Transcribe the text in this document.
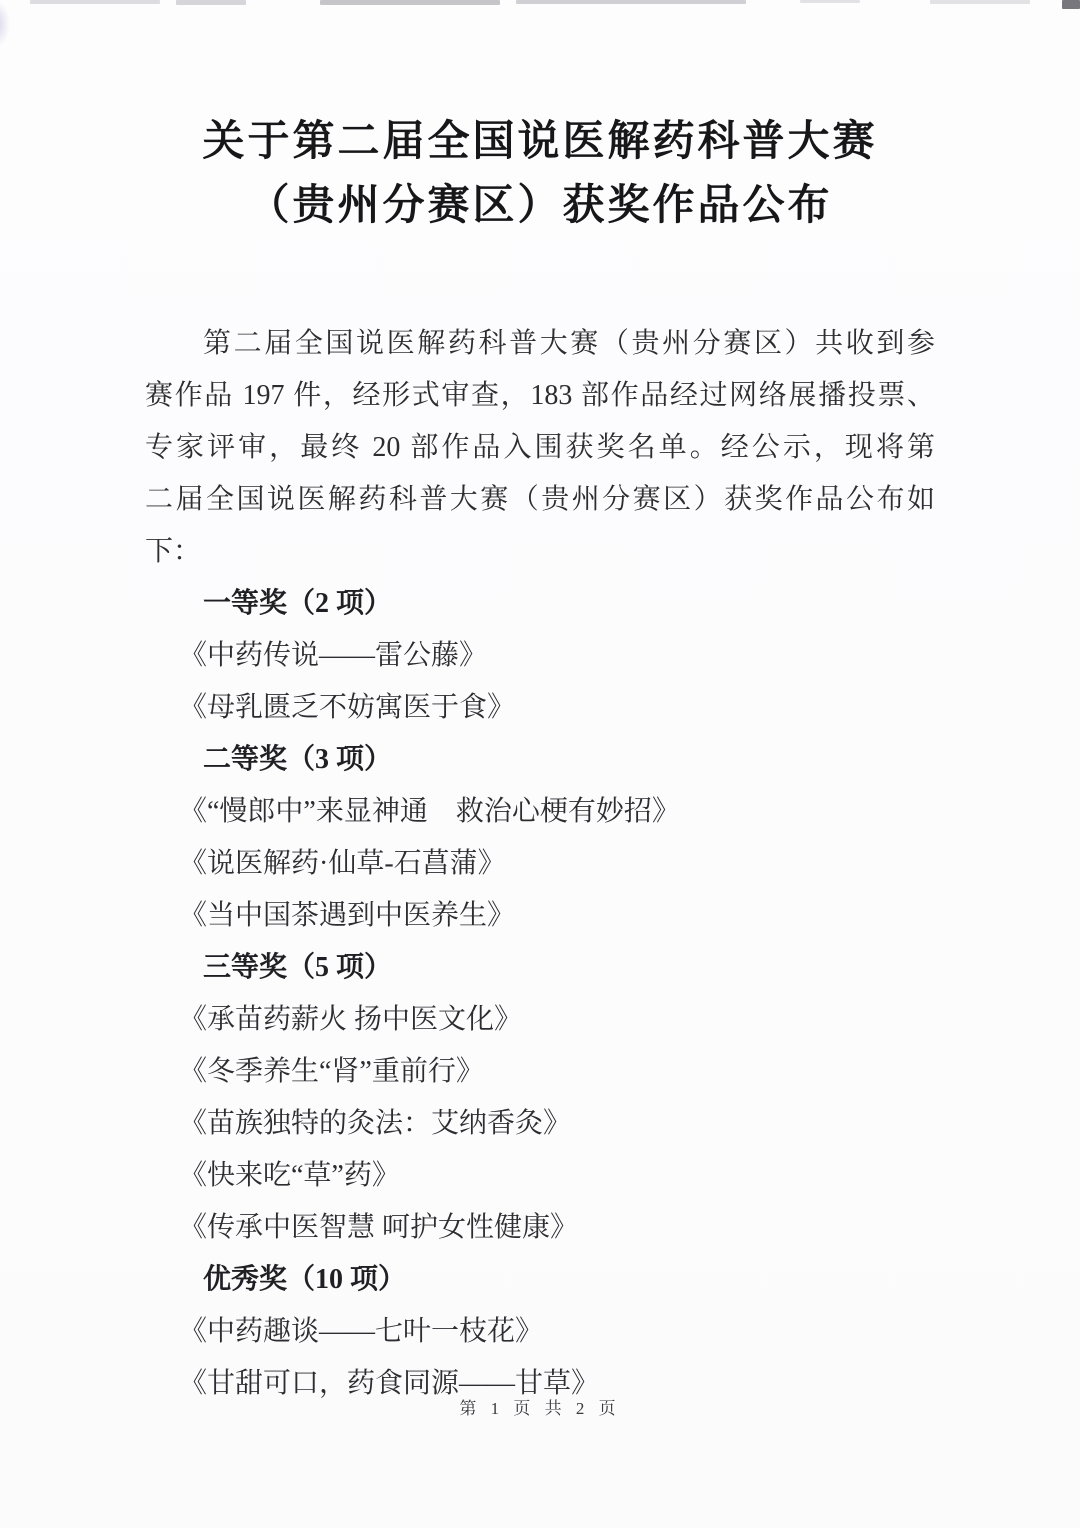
关于第二届全国说医解药科普大赛
（贵州分赛区）获奖作品公布

第二届全国说医解药科普大赛（贵州分赛区）共收到参

赛作品 197 件，经形式审查，183 部作品经过网络展播投票、

专家评审，最终 20 部作品入围获奖名单。经公示，现将第

二届全国说医解药科普大赛（贵州分赛区）获奖作品公布如

下：

一等奖（2 项）

《中药传说——雷公藤》

《母乳匮乏不妨寓医于食》

二等奖（3 项）

《“慢郎中”来显神通　救治心梗有妙招》

《说医解药·仙草-石菖蒲》

《当中国茶遇到中医养生》

三等奖（5 项）

《承苗药薪火 扬中医文化》

《冬季养生“肾”重前行》

《苗族独特的灸法：艾纳香灸》

《快来吃“草”药》

《传承中医智慧 呵护女性健康》

优秀奖（10 项）

《中药趣谈——七叶一枝花》

《甘甜可口，药食同源——甘草》

第 1 页 共 2 页
